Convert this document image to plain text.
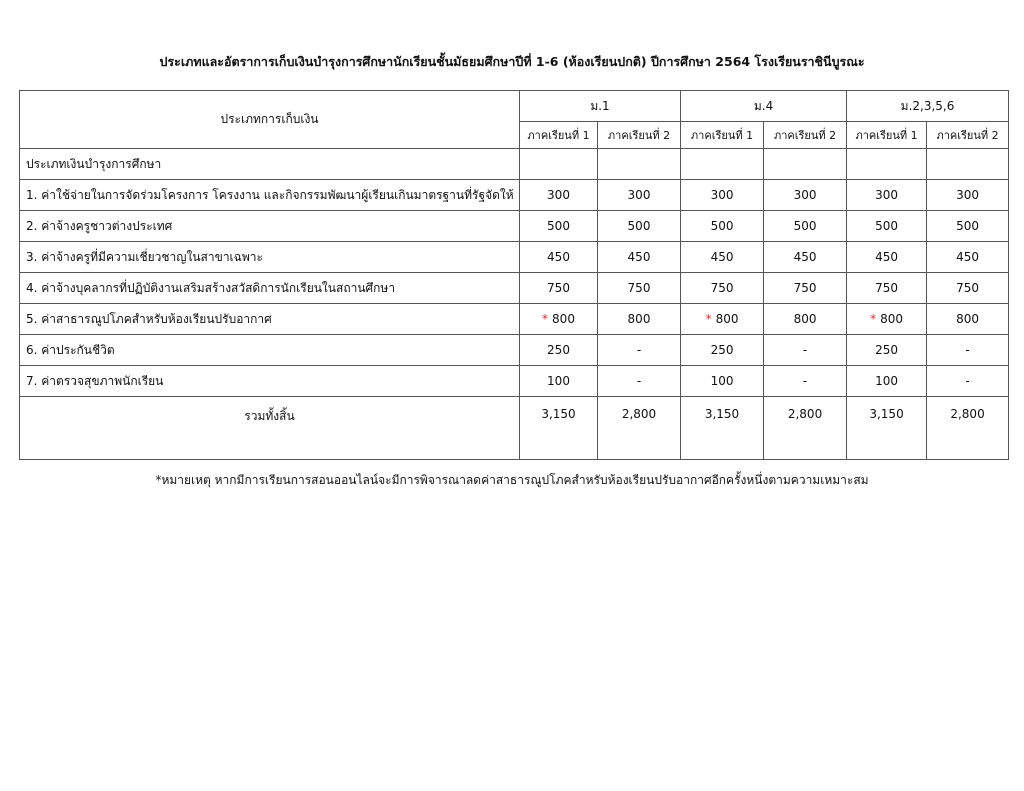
ประเภทและอัตราการเก็บเงินบำรุงการศึกษานักเรียนชั้นมัธยมศึกษาปีที่ 1-6 (ห้องเรียนปกติ) ปีการศึกษา 2564 โรงเรียนราชินีบูรณะ
ประเภทการเก็บเงิน	ม.1		ม.4		ม.2,3,5,6	
	ภาคเรียนที่ 1	ภาคเรียนที่ 2	ภาคเรียนที่ 1	ภาคเรียนที่ 2	ภาคเรียนที่ 1	ภาคเรียนที่ 2
ประเภทเงินบำรุงการศึกษา						
1. ค่าใช้จ่ายในการจัดร่วมโครงการ โครงงาน และกิจกรรมพัฒนาผู้เรียนเกินมาตรฐานที่รัฐจัดให้	300	300	300	300	300	300
2. ค่าจ้างครูชาวต่างประเทศ	500	500	500	500	500	500
3. ค่าจ้างครูที่มีความเชี่ยวชาญในสาขาเฉพาะ	450	450	450	450	450	450
4. ค่าจ้างบุคลากรที่ปฏิบัติงานเสริมสร้างสวัสดิการนักเรียนในสถานศึกษา	750	750	750	750	750	750
5. ค่าสาธารณูปโภคสำหรับห้องเรียนปรับอากาศ	* 800	800	* 800	800	* 800	800
6. ค่าประกันชีวิต	250	-	250	-	250	-
7. ค่าตรวจสุขภาพนักเรียน	100	-	100	-	100	-
รวมทั้งสิ้น	3,150	2,800	3,150	2,800	3,150	2,800
*หมายเหตุ หากมีการเรียนการสอนออนไลน์จะมีการพิจารณาลดค่าสาธารณูปโภคสำหรับห้องเรียนปรับอากาศอีกครั้งหนึ่งตามความเหมาะสม
